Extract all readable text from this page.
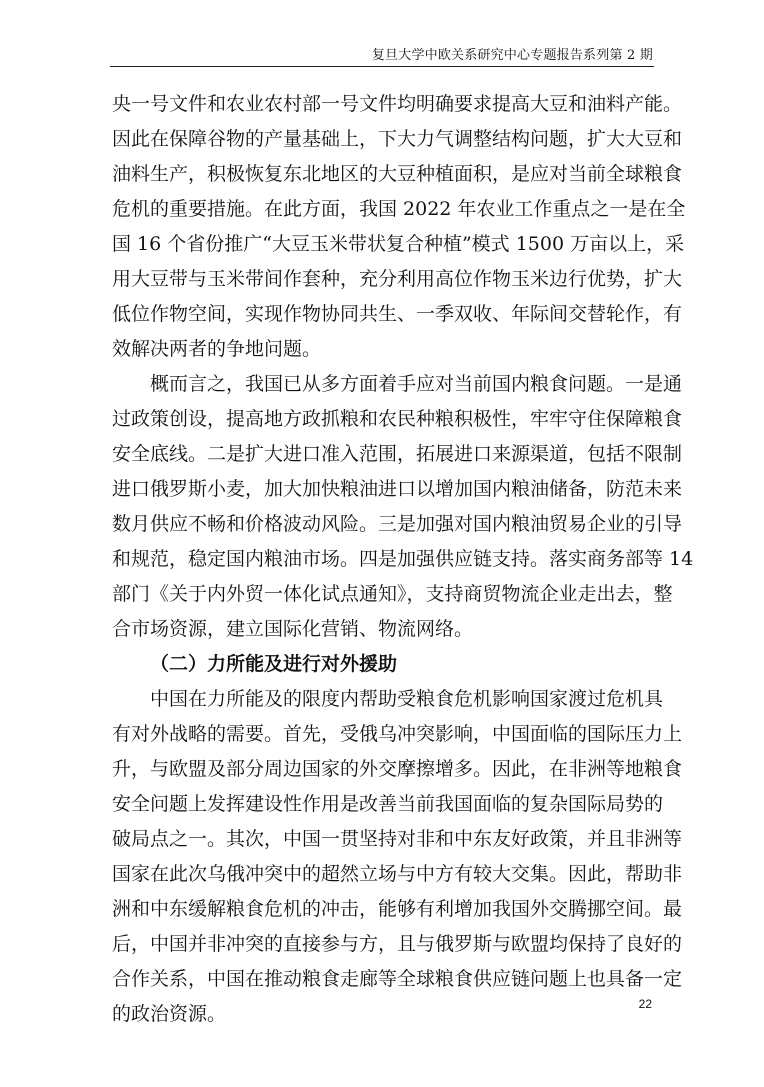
复旦大学中欧关系研究中心专题报告系列第 2 期
央一号文件和农业农村部一号文件均明确要求提高大豆和油料产能。
因此在保障谷物的产量基础上，下大力气调整结构问题，扩大大豆和
油料生产，积极恢复东北地区的大豆种植面积，是应对当前全球粮食
危机的重要措施。在此方面，我国 2022 年农业工作重点之一是在全
国 16 个省份推广“大豆玉米带状复合种植”模式 1500 万亩以上，采
用大豆带与玉米带间作套种，充分利用高位作物玉米边行优势，扩大
低位作物空间，实现作物协同共生、一季双收、年际间交替轮作，有
效解决两者的争地问题。
概而言之，我国已从多方面着手应对当前国内粮食问题。一是通
过政策创设，提高地方政抓粮和农民种粮积极性，牢牢守住保障粮食
安全底线。二是扩大进口准入范围，拓展进口来源渠道，包括不限制
进口俄罗斯小麦，加大加快粮油进口以增加国内粮油储备，防范未来
数月供应不畅和价格波动风险。三是加强对国内粮油贸易企业的引导
和规范，稳定国内粮油市场。四是加强供应链支持。落实商务部等 14
部门《关于内外贸一体化试点通知》，支持商贸物流企业走出去，整
合市场资源，建立国际化营销、物流网络。
（二）力所能及进行对外援助
中国在力所能及的限度内帮助受粮食危机影响国家渡过危机具
有对外战略的需要。首先，受俄乌冲突影响，中国面临的国际压力上
升，与欧盟及部分周边国家的外交摩擦增多。因此，在非洲等地粮食
安全问题上发挥建设性作用是改善当前我国面临的复杂国际局势的
破局点之一。其次，中国一贯坚持对非和中东友好政策，并且非洲等
国家在此次乌俄冲突中的超然立场与中方有较大交集。因此，帮助非
洲和中东缓解粮食危机的冲击，能够有利增加我国外交腾挪空间。最
后，中国并非冲突的直接参与方，且与俄罗斯与欧盟均保持了良好的
合作关系，中国在推动粮食走廊等全球粮食供应链问题上也具备一定
的政治资源。	22
